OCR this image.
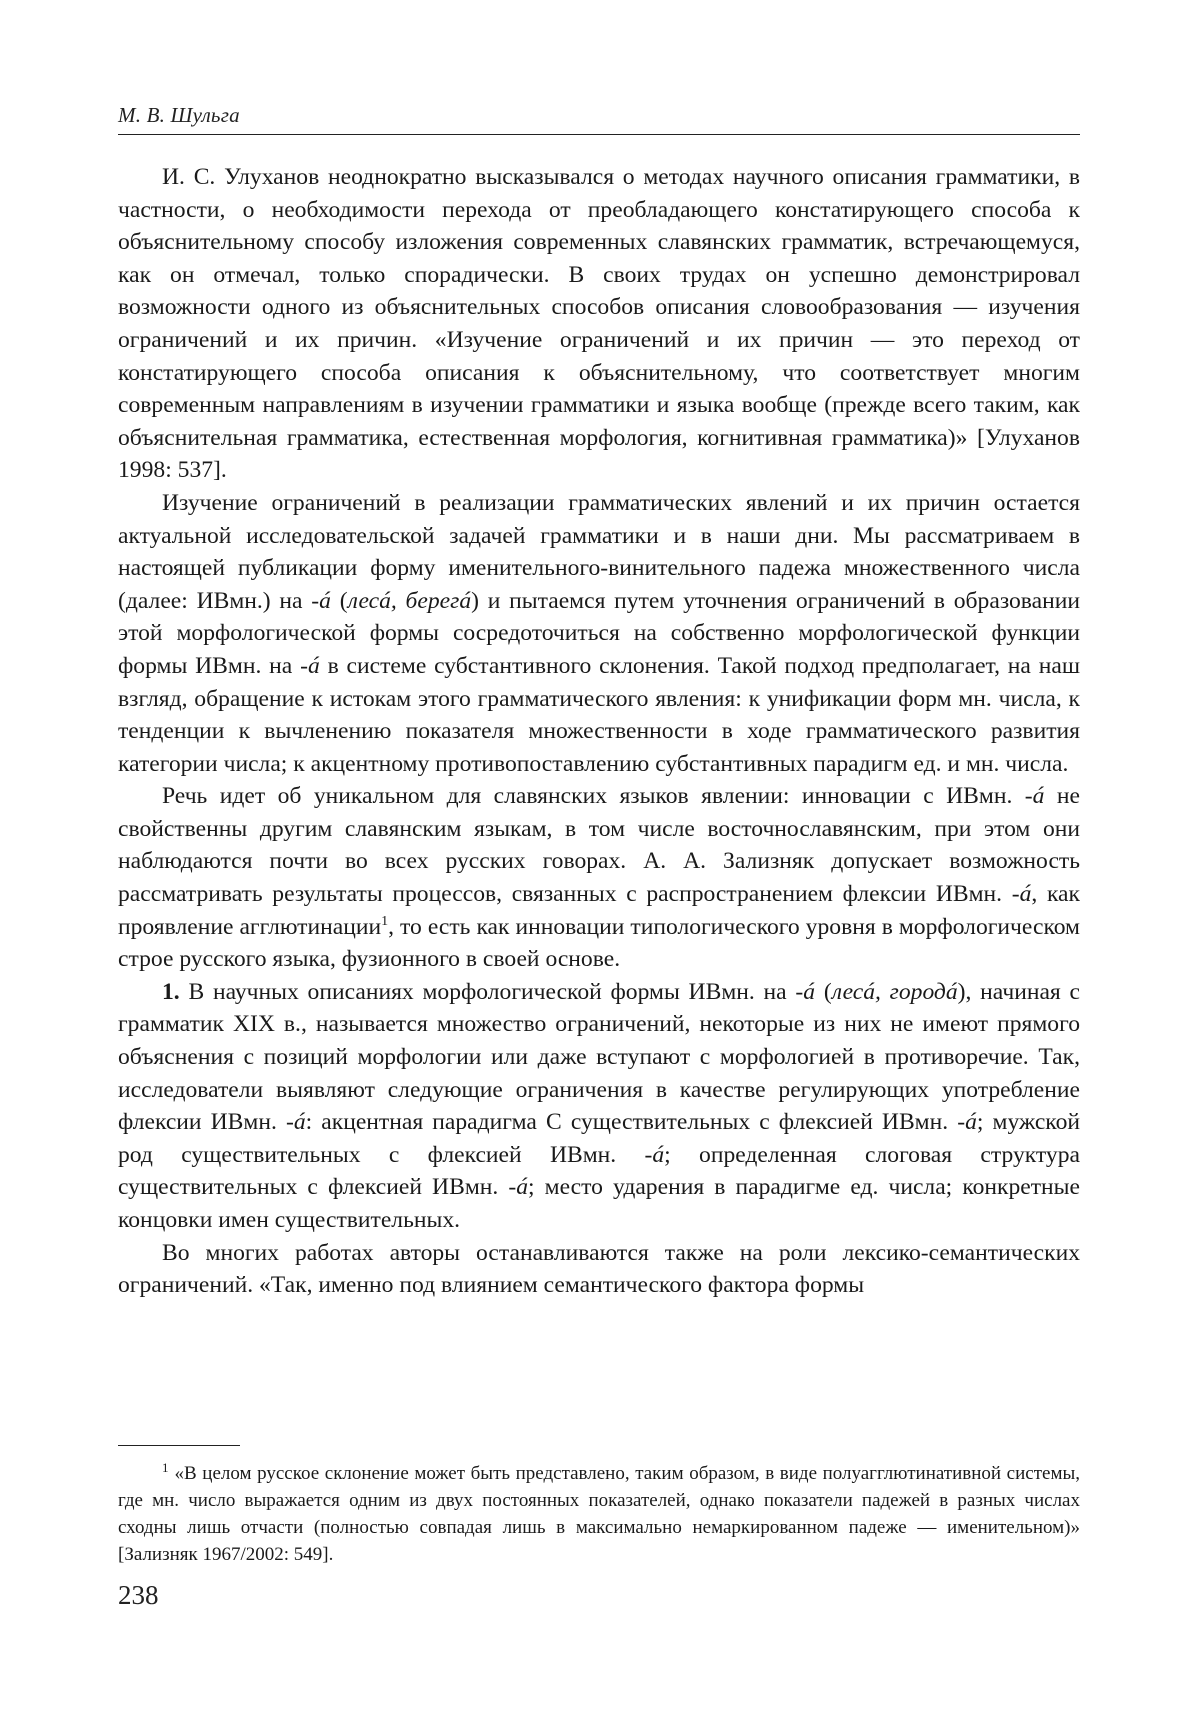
М. В. Шульга

И. С. Улуханов неоднократно высказывался о методах научного описания грамматики, в частности, о необходимости перехода от преобладающего констатирующего способа к объяснительному способу изложения современных славянских грамматик, встречающемуся, как он отмечал, только спорадически. В своих трудах он успешно демонстрировал возможности одного из объяснительных способов описания словообразования — изучения ограничений и их причин. «Изучение ограничений и их причин — это переход от констатирующего способа описания к объяснительному, что соответствует многим современным направлениям в изучении грамматики и языка вообще (прежде всего таким, как объяснительная грамматика, естественная морфология, когнитивная грамматика)» [Улуханов 1998: 537].

Изучение ограничений в реализации грамматических явлений и их причин остается актуальной исследовательской задачей грамматики и в наши дни. Мы рассматриваем в настоящей публикации форму именительного-винительного падежа множественного числа (далее: ИВмн.) на -á (лесá, берегá) и пытаемся путем уточнения ограничений в образовании этой морфологической формы сосредоточиться на собственно морфологической функции формы ИВмн. на -á в системе субстантивного склонения. Такой подход предполагает, на наш взгляд, обращение к истокам этого грамматического явления: к унификации форм мн. числа, к тенденции к вычленению показателя множественности в ходе грамматического развития категории числа; к акцентному противопоставлению субстантивных парадигм ед. и мн. числа.

Речь идет об уникальном для славянских языков явлении: инновации с ИВмн. -á не свойственны другим славянским языкам, в том числе восточнославянским, при этом они наблюдаются почти во всех русских говорах. А. А. Зализняк допускает возможность рассматривать результаты процессов, связанных с распространением флексии ИВмн. -á, как проявление агглютинации$^1$, то есть как инновации типологического уровня в морфологическом строе русского языка, фузионного в своей основе.

1. В научных описаниях морфологической формы ИВмн. на -á (лесá, городá), начиная с грамматик XIX в., называется множество ограничений, некоторые из них не имеют прямого объяснения с позиций морфологии или даже вступают с морфологией в противоречие. Так, исследователи выявляют следующие ограничения в качестве регулирующих употребление флексии ИВмн. -á: акцентная парадигма С существительных с флексией ИВмн. -á; мужской род существительных с флексией ИВмн. -á; определенная слоговая структура существительных с флексией ИВмн. -á; место ударения в парадигме ед. числа; конкретные концовки имен существительных.

Во многих работах авторы останавливаются также на роли лексико-семантических ограничений. «Так, именно под влиянием семантического фактора формы

$^1$ «В целом русское склонение может быть представлено, таким образом, в виде полуагглютинативной системы, где мн. число выражается одним из двух постоянных показателей, однако показатели падежей в разных числах сходны лишь отчасти (полностью совпадая лишь в максимально немаркированном падеже — именительном)» [Зализняк 1967/2002: 549].

238
